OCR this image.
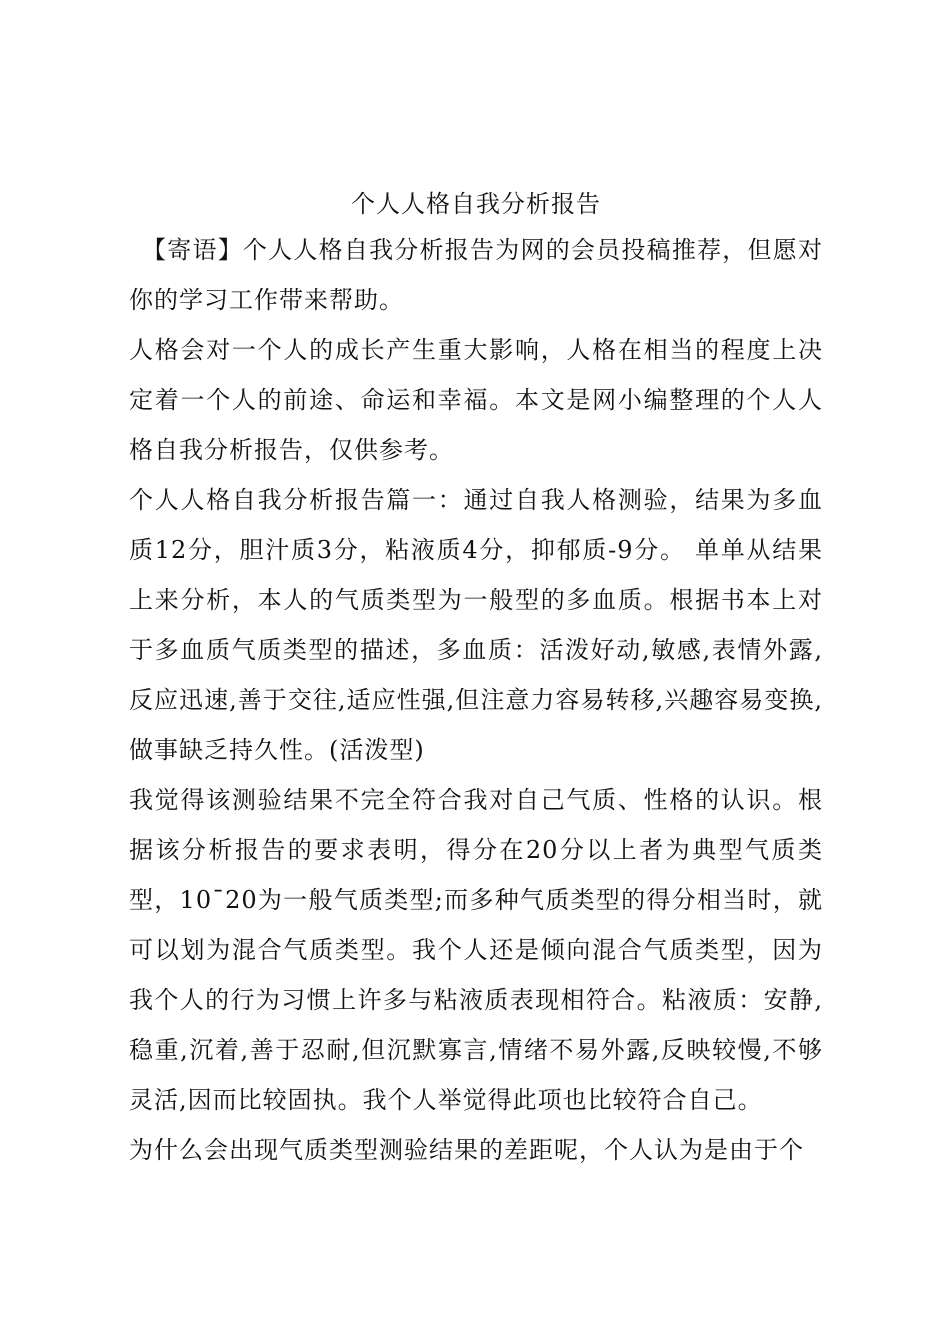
个人人格自我分析报告

【寄语】个人人格自我分析报告为网的会员投稿推荐，但愿对你的学习工作带来帮助。

人格会对一个人的成长产生重大影响，人格在相当的程度上决定着一个人的前途、命运和幸福。本文是网小编整理的个人人格自我分析报告，仅供参考。

个人人格自我分析报告篇一：通过自我人格测验，结果为多血质12分，胆汁质3分，粘液质4分，抑郁质-9分。 单单从结果上来分析，本人的气质类型为一般型的多血质。根据书本上对于多血质气质类型的描述，多血质：活泼好动,敏感,表情外露,反应迅速,善于交往,适应性强,但注意力容易转移,兴趣容易变换,做事缺乏持久性。(活泼型)

我觉得该测验结果不完全符合我对自己气质、性格的认识。根据该分析报告的要求表明，得分在20分以上者为典型气质类型，10¯20为一般气质类型;而多种气质类型的得分相当时，就可以划为混合气质类型。我个人还是倾向混合气质类型，因为我个人的行为习惯上许多与粘液质表现相符合。粘液质：安静,稳重,沉着,善于忍耐,但沉默寡言,情绪不易外露,反映较慢,不够灵活,因而比较固执。我个人举觉得此项也比较符合自己。

为什么会出现气质类型测验结果的差距呢，个人认为是由于个
